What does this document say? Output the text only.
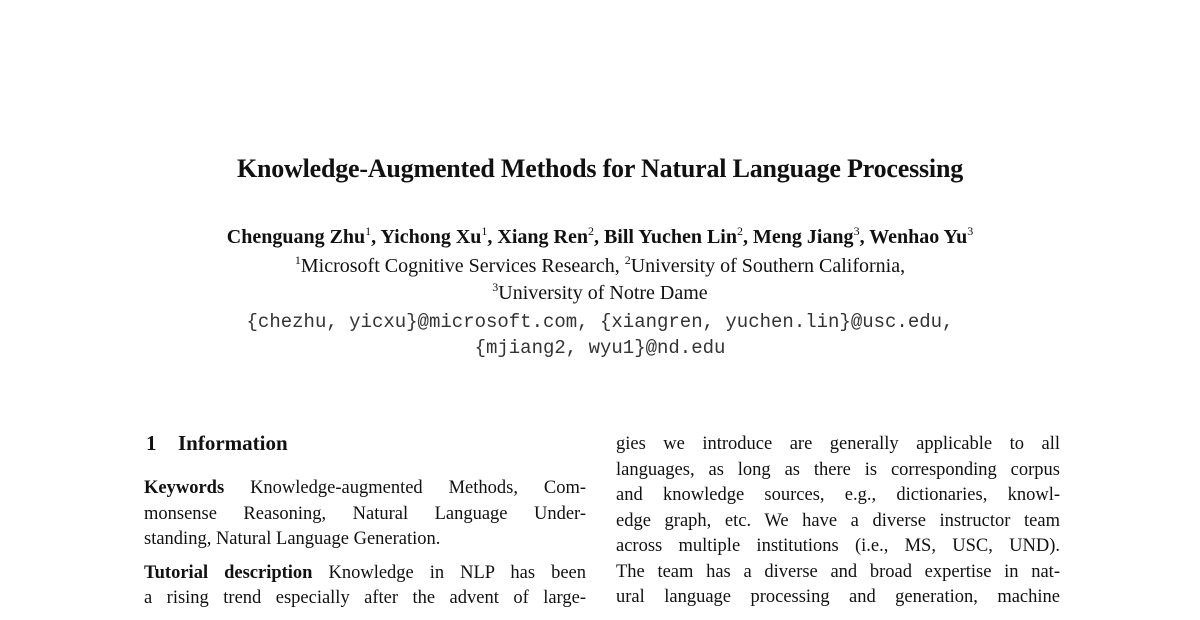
Knowledge-Augmented Methods for Natural Language Processing
Chenguang Zhu$^1$, Yichong Xu$^1$, Xiang Ren$^2$, Bill Yuchen Lin$^2$, Meng Jiang$^3$, Wenhao Yu$^3$
$^1$Microsoft Cognitive Services Research, $^2$University of Southern California,
$^3$University of Notre Dame
{chezhu, yicxu}@microsoft.com, {xiangren, yuchen.lin}@usc.edu,
{mjiang2, wyu1}@nd.edu
1 Information
Keywords Knowledge-augmented Methods, Com-
monsense Reasoning, Natural Language Under-
standing, Natural Language Generation.
Tutorial description Knowledge in NLP has been
a rising trend especially after the advent of large-
gies we introduce are generally applicable to all
languages, as long as there is corresponding corpus
and knowledge sources, e.g., dictionaries, knowl-
edge graph, etc. We have a diverse instructor team
across multiple institutions (i.e., MS, USC, UND).
The team has a diverse and broad expertise in nat-
ural language processing and generation, machine
